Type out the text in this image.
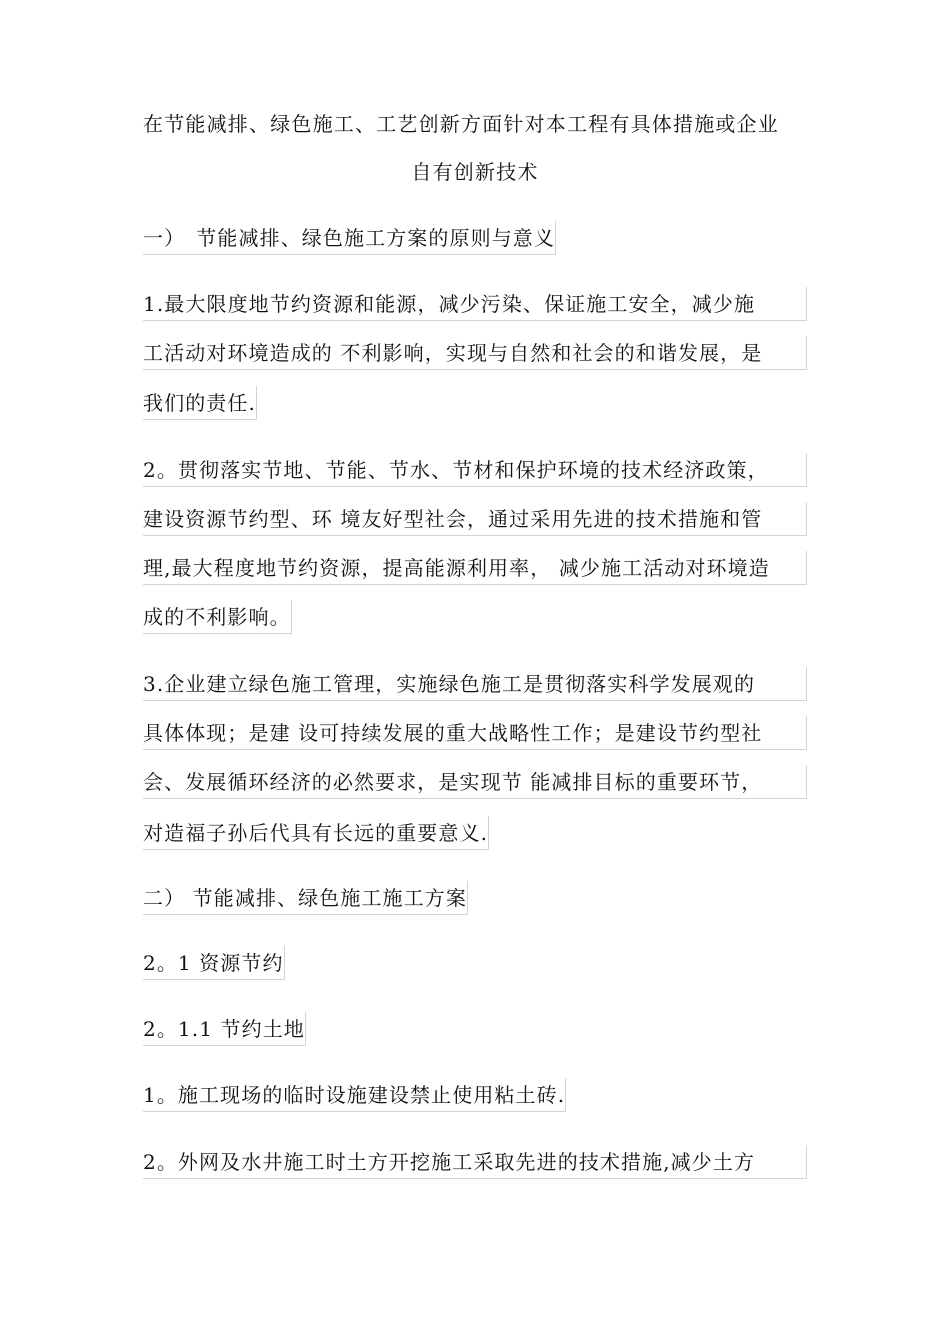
在节能减排、绿色施工、工艺创新方面针对本工程有具体措施或企业
自有创新技术
一）　节能减排、绿色施工方案的原则与意义
1.最大限度地节约资源和能源，减少污染、保证施工安全，减少施
工活动对环境造成的 不利影响，实现与自然和社会的和谐发展，是
我们的责任.
2。贯彻落实节地、节能、节水、节材和保护环境的技术经济政策，
建设资源节约型、环 境友好型社会，通过采用先进的技术措施和管
理,最大程度地节约资源，提高能源利用率， 减少施工活动对环境造
成的不利影响。
3.企业建立绿色施工管理，实施绿色施工是贯彻落实科学发展观的
具体体现；是建 设可持续发展的重大战略性工作；是建设节约型社
会、发展循环经济的必然要求，是实现节 能减排目标的重要环节，
对造福子孙后代具有长远的重要意义.
二） 节能减排、绿色施工施工方案
2。1 资源节约
2。1.1 节约土地
1。施工现场的临时设施建设禁止使用粘土砖.
2。外网及水井施工时土方开挖施工采取先进的技术措施,减少土方
